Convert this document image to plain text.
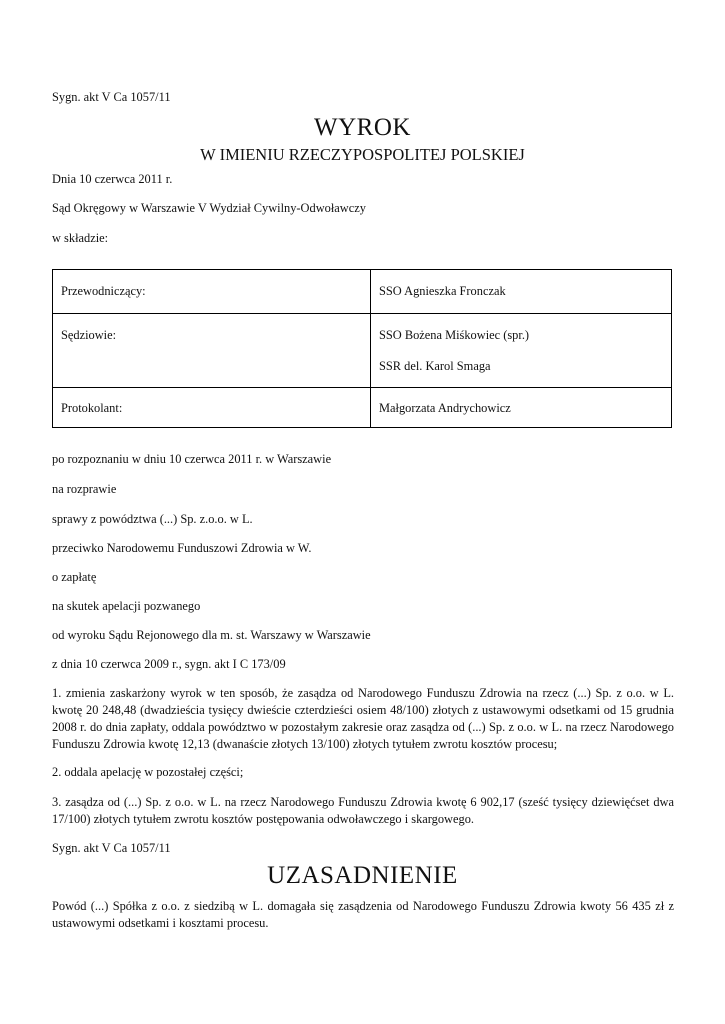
Sygn. akt V Ca 1057/11
WYROK
W IMIENIU RZECZYPOSPOLITEJ POLSKIEJ
Dnia 10 czerwca 2011 r.
Sąd Okręgowy w Warszawie V Wydział Cywilny-Odwoławczy
w składzie:
Przewodniczący:	SSO Agnieszka Fronczak

Sędziowie:	SSO Bożena Miśkowiec (spr.)
SSR del. Karol Smaga

Protokolant:	Małgorzata Andrychowicz
po rozpoznaniu w dniu 10 czerwca 2011 r. w Warszawie
na rozprawie
sprawy z powództwa (...) Sp. z.o.o. w L.
przeciwko Narodowemu Funduszowi Zdrowia w W.
o zapłatę
na skutek apelacji pozwanego
od wyroku Sądu Rejonowego dla m. st. Warszawy w Warszawie
z dnia 10 czerwca 2009 r., sygn. akt I C 173/09
1. zmienia zaskarżony wyrok w ten sposób, że zasądza od Narodowego Funduszu Zdrowia na rzecz (...) Sp. z o.o. w L. kwotę 20 248,48 (dwadzieścia tysięcy dwieście czterdzieści osiem 48/100) złotych z ustawowymi odsetkami od 15 grudnia 2008 r. do dnia zapłaty, oddala powództwo w pozostałym zakresie oraz zasądza od (...) Sp. z o.o. w L. na rzecz Narodowego Funduszu Zdrowia kwotę 12,13 (dwanaście złotych 13/100) złotych tytułem zwrotu kosztów procesu;
2. oddala apelację w pozostałej części;
3. zasądza od (...) Sp. z o.o. w L. na rzecz Narodowego Funduszu Zdrowia kwotę 6 902,17 (sześć tysięcy dziewięćset dwa 17/100) złotych tytułem zwrotu kosztów postępowania odwoławczego i skargowego.
Sygn. akt V Ca 1057/11
UZASADNIENIE
Powód (...) Spółka z o.o. z siedzibą w L. domagała się zasądzenia od Narodowego Funduszu Zdrowia kwoty 56 435 zł z ustawowymi odsetkami i kosztami procesu.
